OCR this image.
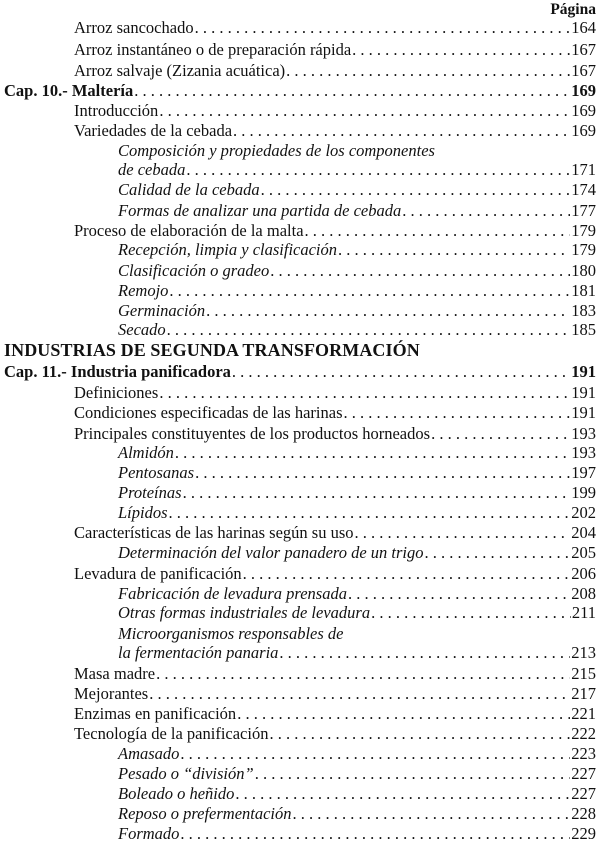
Página
Arroz sancochado . . .	164
Arroz instantáneo o de preparación rápida . . .	167
Arroz salvaje (Zizania acuática) . . .	167
Cap. 10.- Maltería . . .	169
Introducción . . .	169
Variedades de la cebada . . .	169
Composición y propiedades de los componentes
de cebada . . .	171
Calidad de la cebada . . .	174
Formas de analizar una partida de cebada . . .	177
Proceso de elaboración de la malta . . .	179
Recepción, limpia y clasificación . . .	179
Clasificación o gradeo . . .	180
Remojo . . .	181
Germinación . . .	183
Secado . . .	185
INDUSTRIAS DE SEGUNDA TRANSFORMACIÓN
Cap. 11.- Industria panificadora . . .	191
Definiciones . . .	191
Condiciones especificadas de las harinas . . .	191
Principales constituyentes de los productos horneados . . .	193
Almidón . . .	193
Pentosanas . . .	197
Proteínas . . .	199
Lípidos . . .	202
Características de las harinas según su uso . . .	204
Determinación del valor panadero de un trigo . . .	205
Levadura de panificación . . .	206
Fabricación de levadura prensada . . .	208
Otras formas industriales de levadura . . .	211
Microorganismos responsables de
la fermentación panaria . . .	213
Masa madre . . .	215
Mejorantes . . .	217
Enzimas en panificación . . .	221
Tecnología de la panificación . . .	222
Amasado . . .	223
Pesado o “división” . . .	227
Boleado o heñido . . .	227
Reposo o prefermentación . . .	228
Formado . . .	229
